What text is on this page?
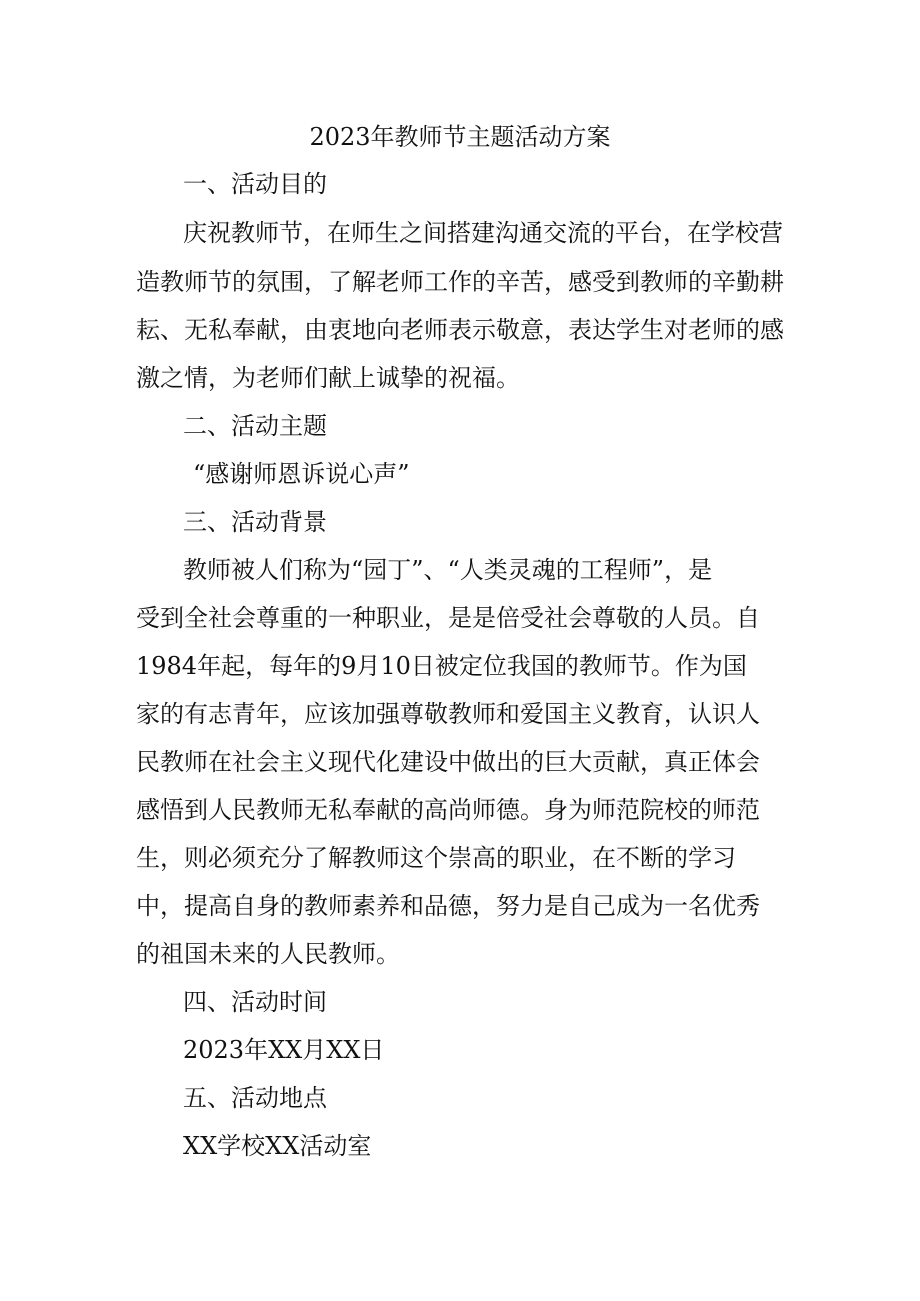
2023年教师节主题活动方案
一、活动目的
庆祝教师节，在师生之间搭建沟通交流的平台，在学校营
造教师节的氛围，了解老师工作的辛苦，感受到教师的辛勤耕
耘、无私奉献，由衷地向老师表示敬意，表达学生对老师的感
激之情，为老师们献上诚挚的祝福。
二、活动主题
“感谢师恩诉说心声”
三、活动背景
教师被人们称为“园丁”、“人类灵魂的工程师”，是
受到全社会尊重的一种职业，是是倍受社会尊敬的人员。自
1984年起，每年的9月10日被定位我国的教师节。作为国
家的有志青年，应该加强尊敬教师和爱国主义教育，认识人
民教师在社会主义现代化建设中做出的巨大贡献，真正体会
感悟到人民教师无私奉献的高尚师德。身为师范院校的师范
生，则必须充分了解教师这个崇高的职业，在不断的学习
中，提高自身的教师素养和品德，努力是自己成为一名优秀
的祖国未来的人民教师。
四、活动时间
2023年XX月XX日
五、活动地点
XX学校XX活动室
